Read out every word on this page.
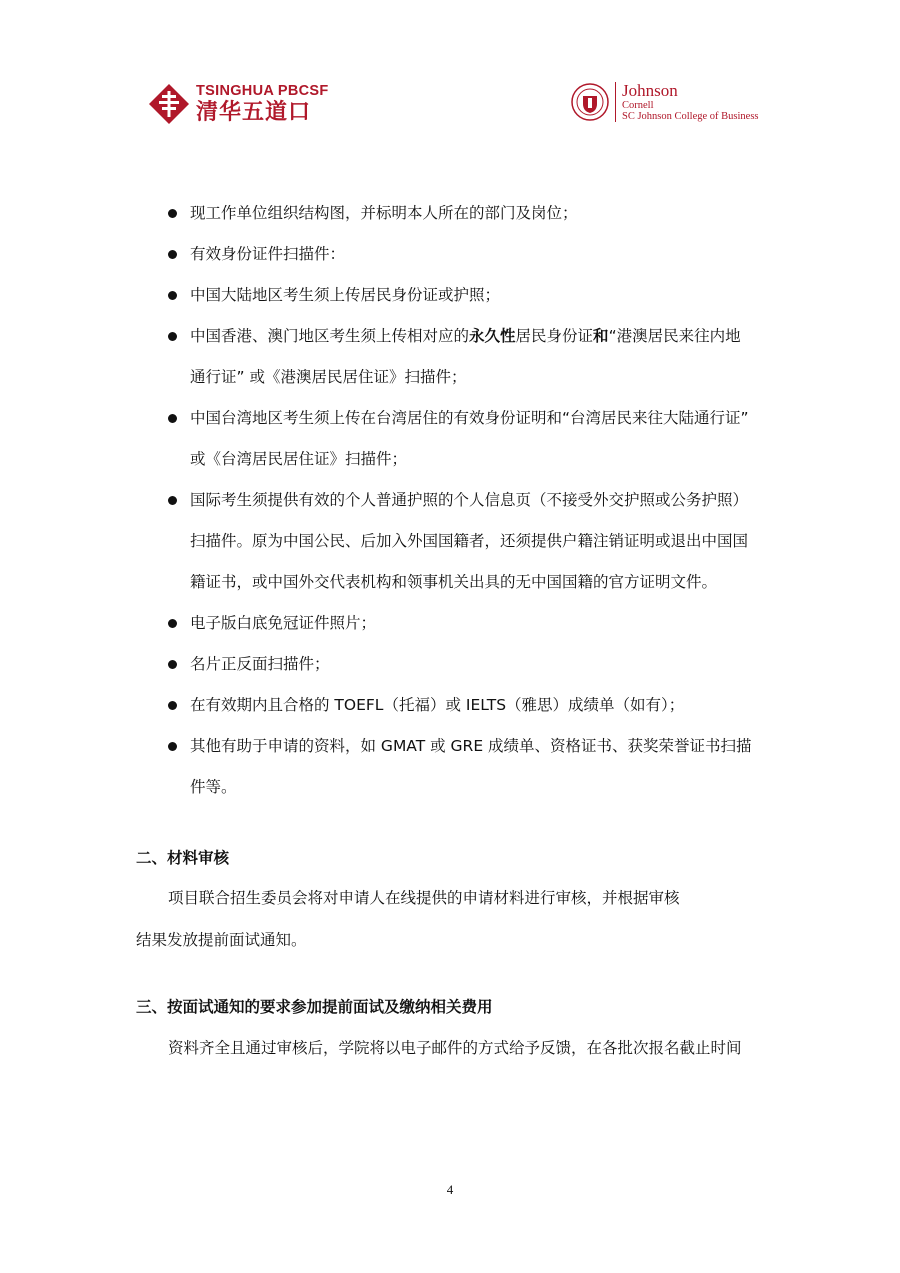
TSINGHUA PBCSF
清华五道口
Johnson
Cornell
SC Johnson College of Business
现工作单位组织结构图，并标明本人所在的部门及岗位；
有效身份证件扫描件：
中国大陆地区考生须上传居民身份证或护照；
中国香港、澳门地区考生须上传相对应的永久性居民身份证和“港澳居民来往内地
通行证” 或《港澳居民居住证》扫描件；
中国台湾地区考生须上传在台湾居住的有效身份证明和“台湾居民来往大陆通行证”
或《台湾居民居住证》扫描件；
国际考生须提供有效的个人普通护照的个人信息页（不接受外交护照或公务护照）
扫描件。原为中国公民、后加入外国国籍者，还须提供户籍注销证明或退出中国国
籍证书，或中国外交代表机构和领事机关出具的无中国国籍的官方证明文件。
电子版白底免冠证件照片；
名片正反面扫描件；
在有效期内且合格的 TOEFL（托福）或 IELTS（雅思）成绩单（如有）；
其他有助于申请的资料，如 GMAT 或 GRE 成绩单、资格证书、获奖荣誉证书扫描
件等。
二、材料审核
项目联合招生委员会将对申请人在线提供的申请材料进行审核，并根据审核
结果发放提前面试通知。
三、按面试通知的要求参加提前面试及缴纳相关费用
资料齐全且通过审核后，学院将以电子邮件的方式给予反馈，在各批次报名截止时间
4
